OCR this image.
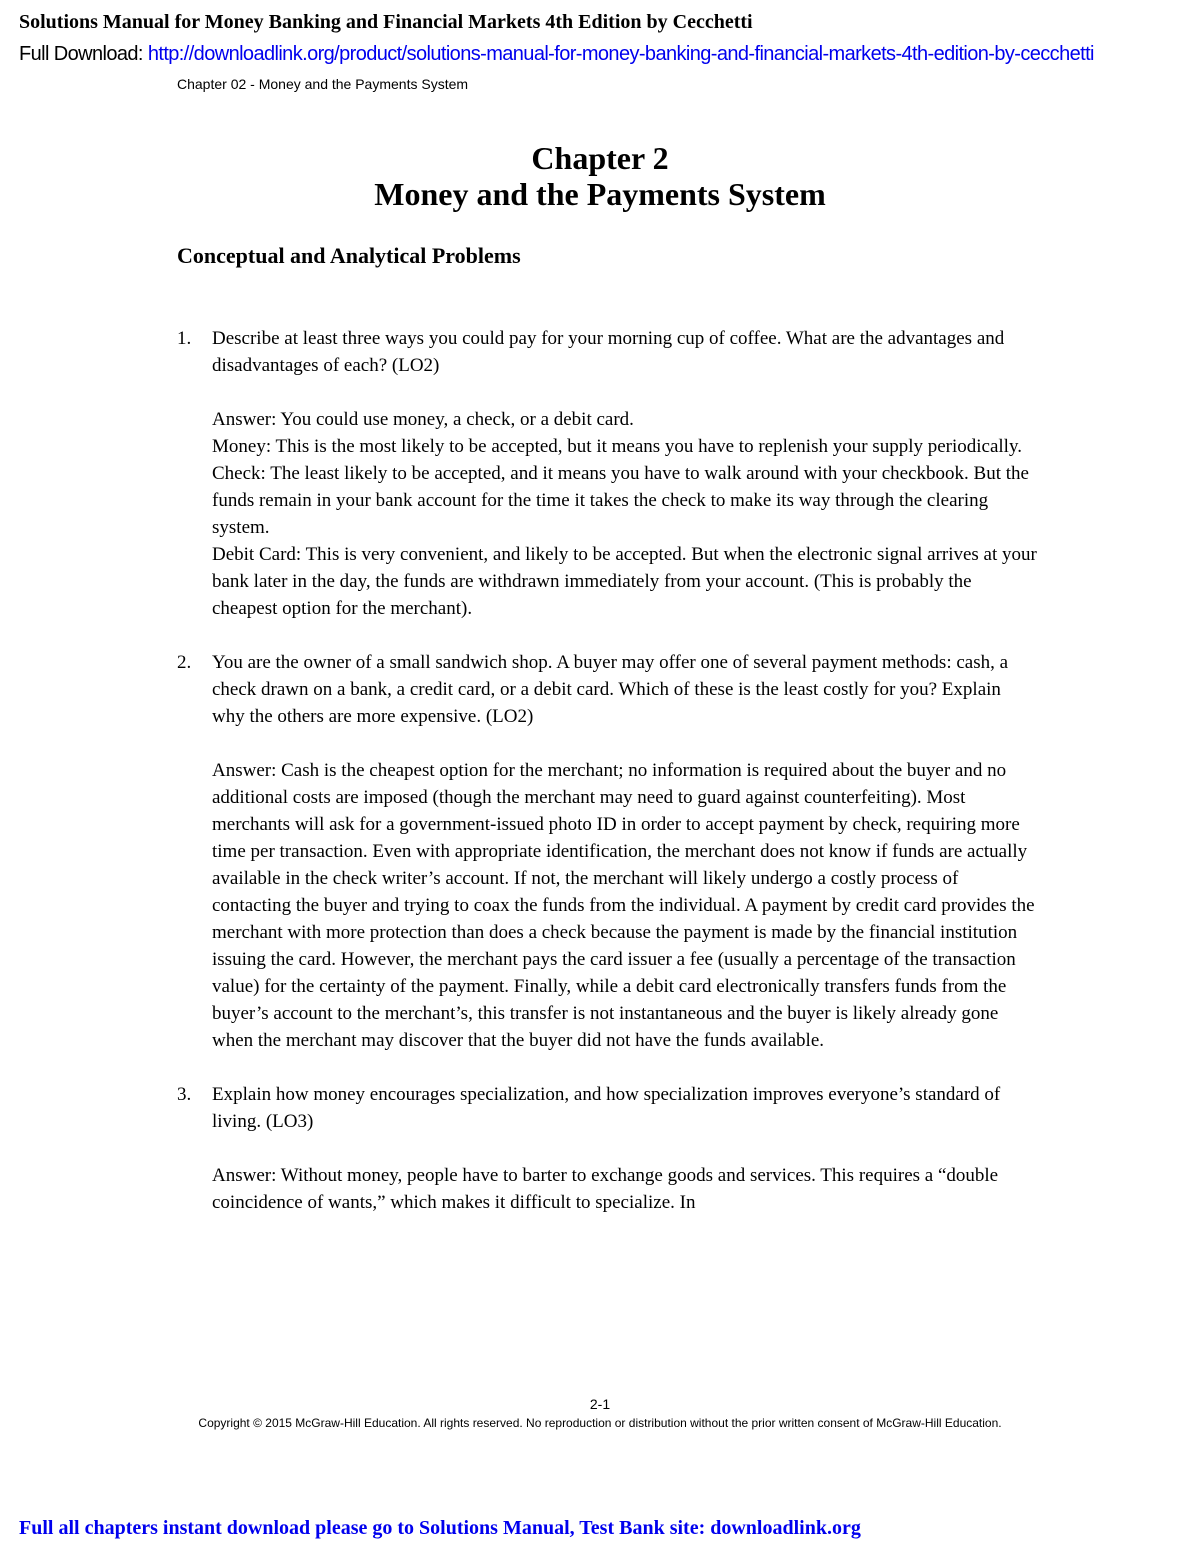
Solutions Manual for Money Banking and Financial Markets 4th Edition by Cecchetti
Full Download: http://downloadlink.org/product/solutions-manual-for-money-banking-and-financial-markets-4th-edition-by-cecchetti
Chapter 02 - Money and the Payments System
Chapter 2
Money and the Payments System
Conceptual and Analytical Problems
1. Describe at least three ways you could pay for your morning cup of coffee. What are the advantages and disadvantages of each? (LO2)

Answer: You could use money, a check, or a debit card.

Money: This is the most likely to be accepted, but it means you have to replenish your supply periodically.

Check: The least likely to be accepted, and it means you have to walk around with your checkbook. But the funds remain in your bank account for the time it takes the check to make its way through the clearing system.

Debit Card: This is very convenient, and likely to be accepted. But when the electronic signal arrives at your bank later in the day, the funds are withdrawn immediately from your account. (This is probably the cheapest option for the merchant).

2. You are the owner of a small sandwich shop. A buyer may offer one of several payment methods: cash, a check drawn on a bank, a credit card, or a debit card. Which of these is the least costly for you? Explain why the others are more expensive. (LO2)

Answer: Cash is the cheapest option for the merchant; no information is required about the buyer and no additional costs are imposed (though the merchant may need to guard against counterfeiting). Most merchants will ask for a government-issued photo ID in order to accept payment by check, requiring more time per transaction. Even with appropriate identification, the merchant does not know if funds are actually available in the check writer’s account. If not, the merchant will likely undergo a costly process of contacting the buyer and trying to coax the funds from the individual. A payment by credit card provides the merchant with more protection than does a check because the payment is made by the financial institution issuing the card. However, the merchant pays the card issuer a fee (usually a percentage of the transaction value) for the certainty of the payment. Finally, while a debit card electronically transfers funds from the buyer’s account to the merchant’s, this transfer is not instantaneous and the buyer is likely already gone when the merchant may discover that the buyer did not have the funds available.

3. Explain how money encourages specialization, and how specialization improves everyone’s standard of living. (LO3)

Answer: Without money, people have to barter to exchange goods and services. This requires a “double coincidence of wants,” which makes it difficult to specialize. In

2-1
Copyright © 2015 McGraw-Hill Education. All rights reserved. No reproduction or distribution without the prior written consent of McGraw-Hill Education.
Full all chapters instant download please go to Solutions Manual, Test Bank site: downloadlink.org
